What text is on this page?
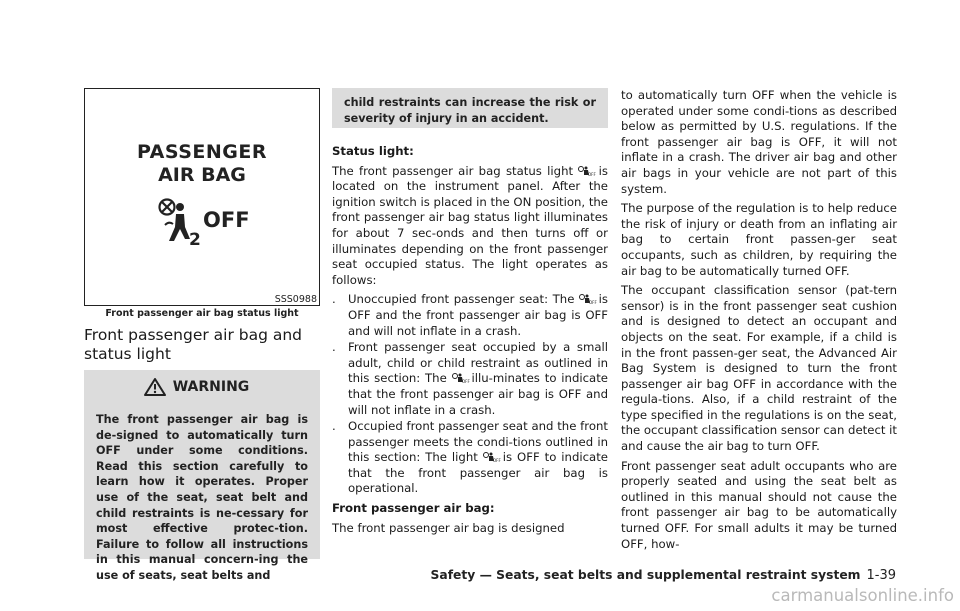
PASSENGER
AIR BAG
2
OFF
SSS0988
Front passenger air bag status light
Front passenger air bag and status light
WARNING
The front passenger air bag is de-signed to automatically turn OFF under some conditions. Read this section carefully to learn how it operates. Proper use of the seat, seat belt and child restraints is ne-cessary for most effective protec-tion. Failure to follow all instructions in this manual concern-ing the use of seats, seat belts and

child restraints can increase the risk or severity of injury in an accident.

Status light:

The front passenger air bag status light	OFF is located on the instrument panel. After the ignition switch is placed in the ON position, the front passenger air bag status light illuminates for about 7 sec-onds and then turns off or illuminates depending on the front passenger seat occupied status. The light operates as follows:

. Unoccupied front passenger seat: The	OFF is OFF and the front passenger air bag is OFF and will not inflate in a crash.
. Front passenger seat occupied by a small adult, child or child restraint as outlined in this section: The	OFF illu-minates to indicate that the front passenger air bag is OFF and will not inflate in a crash.
. Occupied front passenger seat and the front passenger meets the condi-tions outlined in this section: The light	OFF is OFF to indicate that the front passenger air bag is operational.

Front passenger air bag:

The front passenger air bag is designed

to automatically turn OFF when the vehicle is operated under some condi-tions as described below as permitted by U.S. regulations. If the front passenger air bag is OFF, it will not inflate in a crash. The driver air bag and other air bags in your vehicle are not part of this system.

The purpose of the regulation is to help reduce the risk of injury or death from an inflating air bag to certain front passen-ger seat occupants, such as children, by requiring the air bag to be automatically turned OFF.

The occupant classification sensor (pat-tern sensor) is in the front passenger seat cushion and is designed to detect an occupant and objects on the seat. For example, if a child is in the front passen-ger seat, the Advanced Air Bag System is designed to turn the front passenger air bag OFF in accordance with the regula-tions. Also, if a child restraint of the type specified in the regulations is on the seat, the occupant classification sensor can detect it and cause the air bag to turn OFF.

Front passenger seat adult occupants who are properly seated and using the seat belt as outlined in this manual should not cause the front passenger air bag to be automatically turned OFF. For small adults it may be turned OFF, how-

Safety — Seats, seat belts and supplemental restraint system 1-39
carmanualsonline.info
